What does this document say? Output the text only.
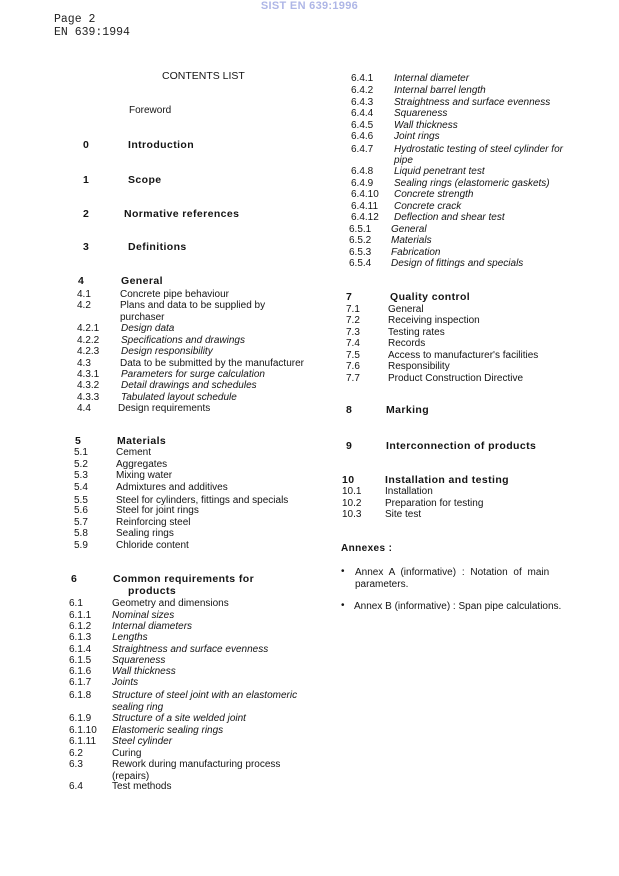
SIST EN 639:1996
Page 2
EN 639:1994
CONTENTS LIST
Foreword
0	Introduction
1	Scope
2	Normative references
3	Definitions
4	General
4.1	Concrete pipe behaviour
4.2	Plans and data to be supplied by
purchaser
4.2.1 Design data
4.2.2 Specifications and drawings
4.2.3 Design responsibility
4.3	Data to be submitted by the manufacturer
4.3.1 Parameters for surge calculation
4.3.2 Detail drawings and schedules
4.3.3 Tabulated layout schedule
4.4	Design requirements
5	Materials
5.1	Cement
5.2	Aggregates
5.3	Mixing water
5.4	Admixtures and additives
5.5	Steel for cylinders, fittings and specials
5.6	Steel for joint rings
5.7	Reinforcing steel
5.8	Sealing rings
5.9	Chloride content
6	Common requirements for
products
6.1	Geometry and dimensions
6.1.1 Nominal sizes
6.1.2 Internal diameters
6.1.3 Lengths
6.1.4 Straightness and surface evenness
6.1.5 Squareness
6.1.6 Wall thickness
6.1.7 Joints
6.1.8 Structure of steel joint with an elastomeric
sealing ring
6.1.9 Structure of a site welded joint
6.1.10 Elastomeric sealing rings
6.1.11 Steel cylinder
6.2	Curing
6.3	Rework during manufacturing process
(repairs)
6.4	Test methods
6.4.1 Internal diameter
6.4.2 Internal barrel length
6.4.3 Straightness and surface evenness
6.4.4 Squareness
6.4.5 Wall thickness
6.4.6 Joint rings
6.4.7 Hydrostatic testing of steel cylinder for
pipe
6.4.8 Liquid penetrant test
6.4.9 Sealing rings (elastomeric gaskets)
6.4.10 Concrete strength
6.4.11 Concrete crack
6.4.12 Deflection and shear test
6.5.1 General
6.5.2 Materials
6.5.3 Fabrication
6.5.4 Design of fittings and specials
7	Quality control
7.1	General
7.2	Receiving inspection
7.3	Testing rates
7.4	Records
7.5	Access to manufacturer's facilities
7.6	Responsibility
7.7	Product Construction Directive
8	Marking
9	Interconnection of products
10	Installation and testing
10.1 Installation
10.2 Preparation for testing
10.3 Site test
Annexes :
• Annex A (informative) : Notation of main
parameters.
• Annex B (informative) : Span pipe calculations.
